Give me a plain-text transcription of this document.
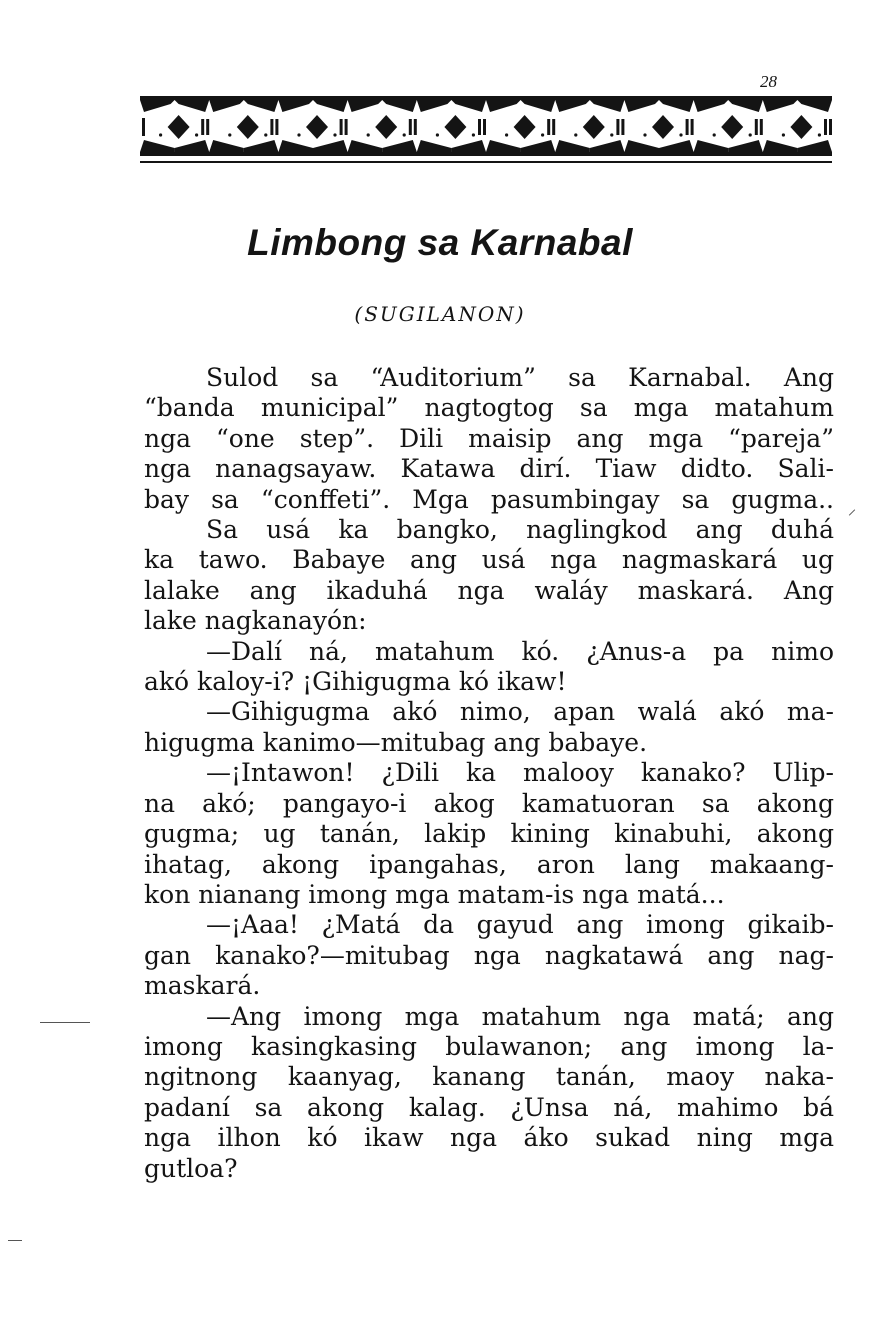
28
Limbong sa Karnabal
(SUGILANON)
Sulod sa “Auditorium” sa Karnabal. Ang
“banda municipal” nagtogtog sa mga matahum
nga “one step”. Dili maisip ang mga “pareja”
nga nanagsayaw. Katawa dirí. Tiaw didto. Sali-
bay sa “conffeti”. Mga pasumbingay sa gugma..
Sa usá ka bangko, naglingkod ang duhá
ka tawo. Babaye ang usá nga nagmaskará ug
lalake ang ikaduhá nga waláy maskará. Ang
lake nagkanayón:
—Dalí ná, matahum kó. ¿Anus-a pa nimo
akó kaloy-i? ¡Gihigugma kó ikaw!
—Gihigugma akó nimo, apan walá akó ma-
higugma kanimo—mitubag ang babaye.
—¡Intawon! ¿Dili ka malooy kanako? Ulip-
na akó; pangayo-i akog kamatuoran sa akong
gugma; ug tanán, lakip kining kinabuhi, akong
ihatag, akong ipangahas, aron lang makaang-
kon nianang imong mga matam-is nga matá...
—¡Aaa! ¿Matá da gayud ang imong gikaib-
gan kanako?—mitubag nga nagkatawá ang nag-
maskará.
—Ang imong mga matahum nga matá; ang
imong kasingkasing bulawanon; ang imong la-
ngitnong kaanyag, kanang tanán, maoy naka-
padaní sa akong kalag. ¿Unsa ná, mahimo bá
nga ilhon kó ikaw nga áko sukad ning mga
gutloa?
